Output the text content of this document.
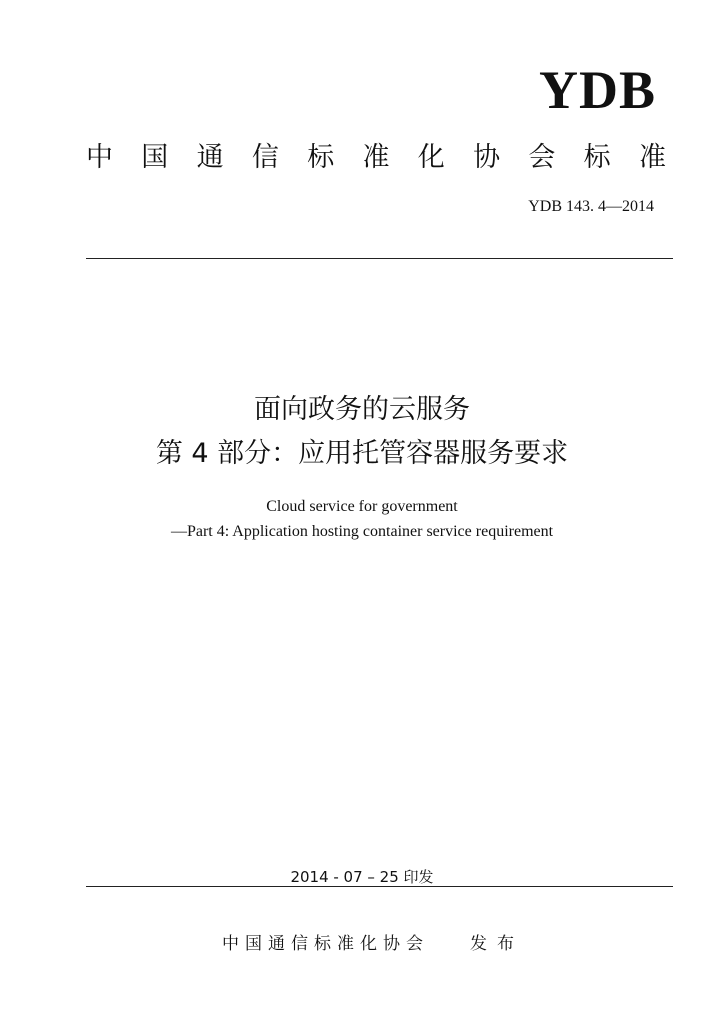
YDB
中 国 通 信 标 准 化 协 会 标 准
YDB 143. 4—2014
面向政务的云服务
第 4 部分：应用托管容器服务要求
Cloud service for government
—Part 4: Application hosting container service requirement
2014 - 07 – 25 印发
中国通信标准化协会 发布
